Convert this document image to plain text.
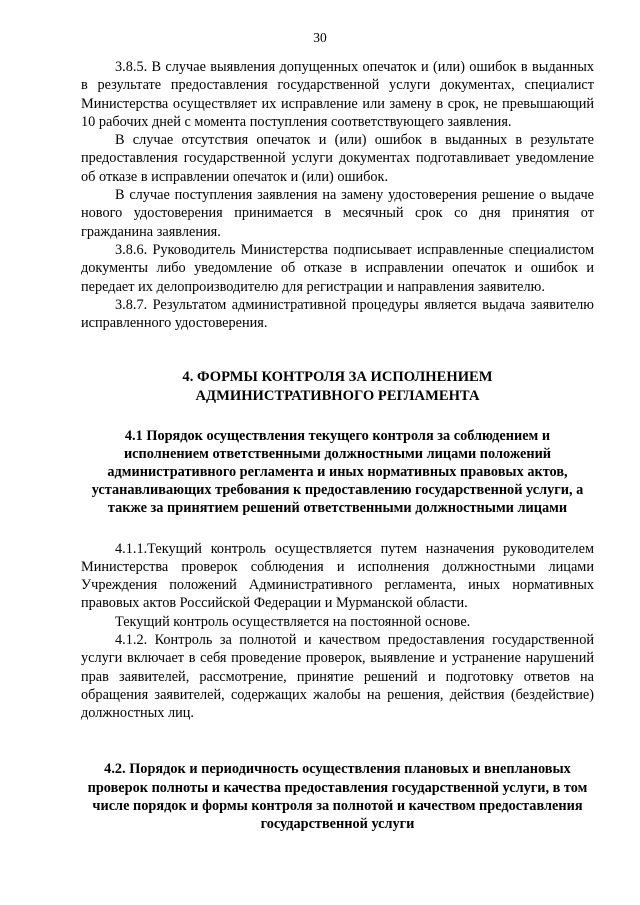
30

3.8.5. В случае выявления допущенных опечаток и (или) ошибок в выданных в результате предоставления государственной услуги документах, специалист Министерства осуществляет их исправление или замену в срок, не превышающий 10 рабочих дней с момента поступления соответствующего заявления.

В случае отсутствия опечаток и (или) ошибок в выданных в результате предоставления государственной услуги документах подготавливает уведомление об отказе в исправлении опечаток и (или) ошибок.

В случае поступления заявления на замену удостоверения решение о выдаче нового удостоверения принимается в месячный срок со дня принятия от гражданина заявления.

3.8.6. Руководитель Министерства подписывает исправленные специалистом документы либо уведомление об отказе в исправлении опечаток и ошибок и передает их делопроизводителю для регистрации и направления заявителю.

3.8.7. Результатом административной процедуры является выдача заявителю исправленного удостоверения.

4. ФОРМЫ КОНТРОЛЯ ЗА ИСПОЛНЕНИЕМ

АДМИНИСТРАТИВНОГО РЕГЛАМЕНТА

4.1 Порядок осуществления текущего контроля за соблюдением и исполнением ответственными должностными лицами положений административного регламента и иных нормативных правовых актов, устанавливающих требования к предоставлению государственной услуги, а также за принятием решений ответственными должностными лицами

4.1.1.Текущий контроль осуществляется путем назначения руководителем Министерства проверок соблюдения и исполнения должностными лицами Учреждения положений Административного регламента, иных нормативных правовых актов Российской Федерации и Мурманской области.

Текущий контроль осуществляется на постоянной основе.

4.1.2. Контроль за полнотой и качеством предоставления государственной услуги включает в себя проведение проверок, выявление и устранение нарушений прав заявителей, рассмотрение, принятие решений и подготовку ответов на обращения заявителей, содержащих жалобы на решения, действия (бездействие) должностных лиц.

4.2. Порядок и периодичность осуществления плановых и внеплановых проверок полноты и качества предоставления государственной услуги, в том числе порядок и формы контроля за полнотой и качеством предоставления государственной услуги
